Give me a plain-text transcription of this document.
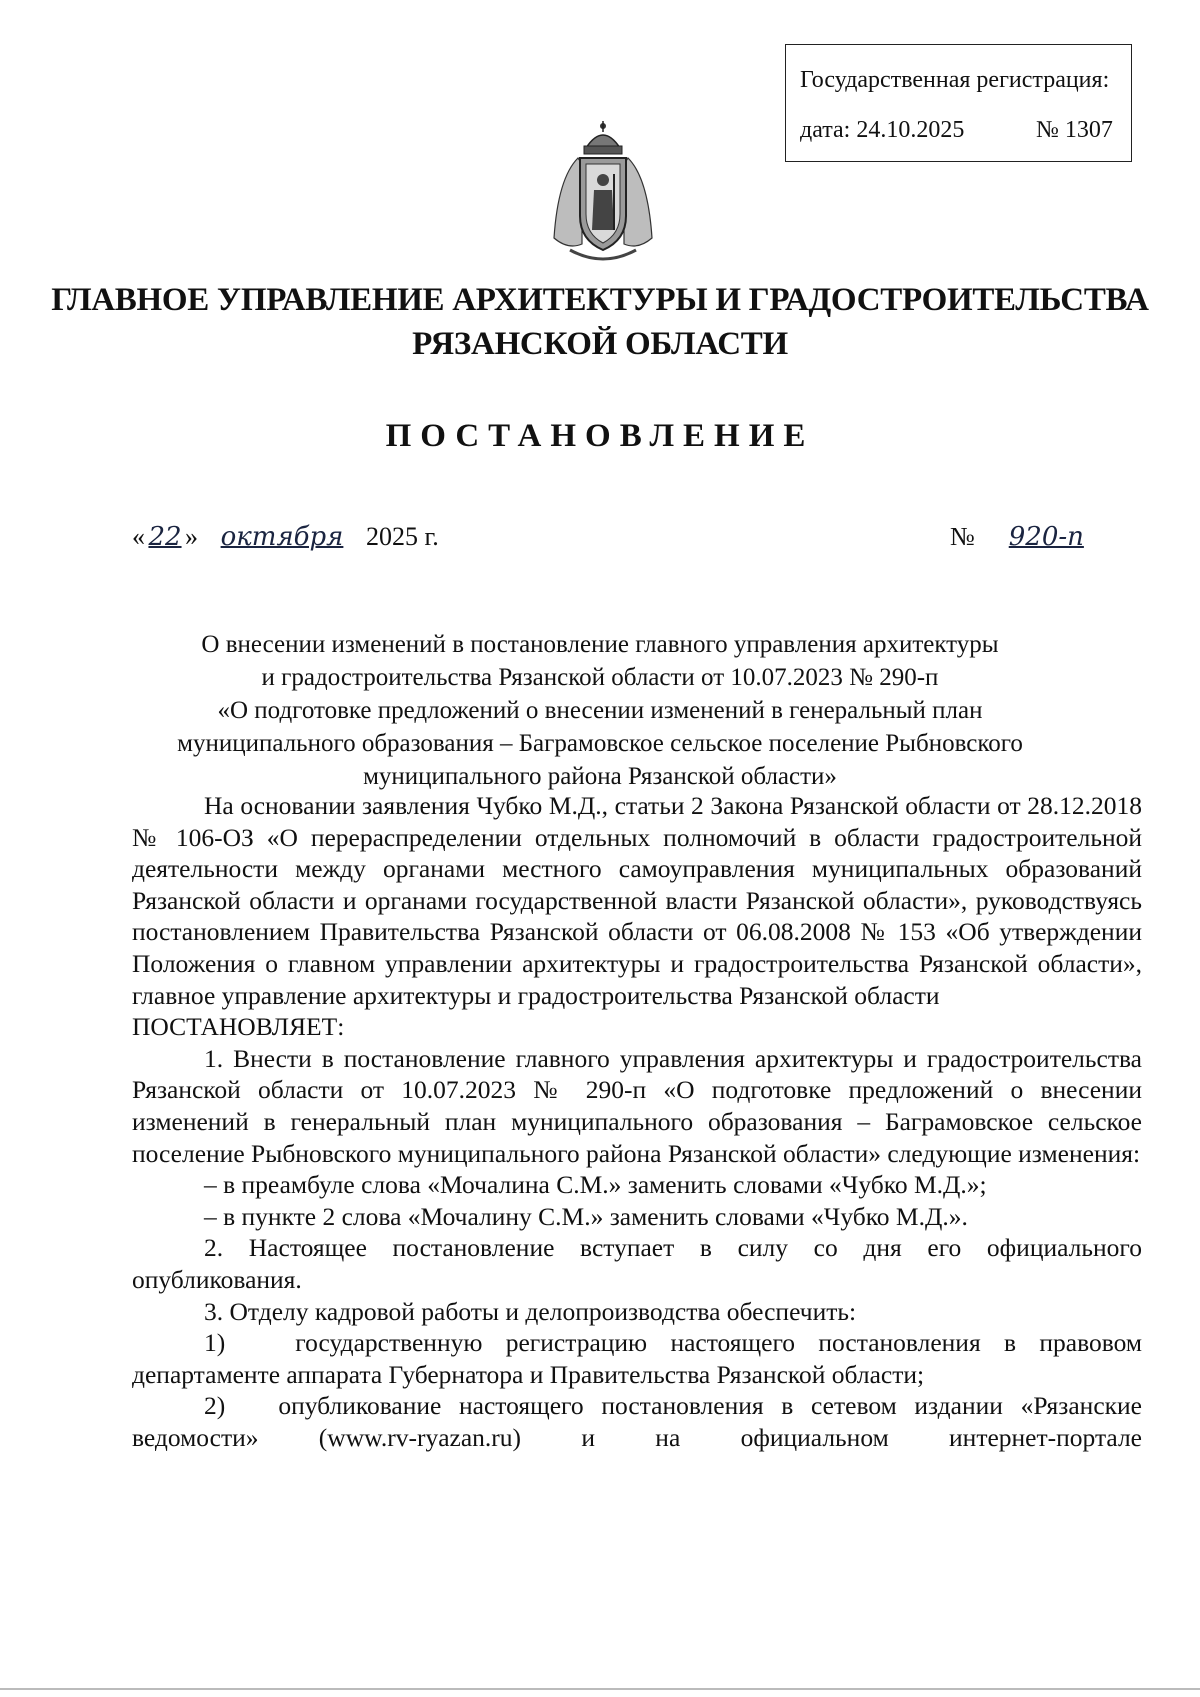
Государственная регистрация:
дата: 24.10.2025	№ 1307
ГЛАВНОЕ УПРАВЛЕНИЕ АРХИТЕКТУРЫ И ГРАДОСТРОИТЕЛЬСТВА
РЯЗАНСКОЙ ОБЛАСТИ
ПОСТАНОВЛЕНИЕ
« 22 » октября 2025 г.	№ 920-п
О внесении изменений в постановление главного управления архитектуры
и градостроительства Рязанской области от 10.07.2023 № 290-п
«О подготовке предложений о внесении изменений в генеральный план
муниципального образования – Баграмовское сельское поселение Рыбновского
муниципального района Рязанской области»

На основании заявления Чубко М.Д., статьи 2 Закона Рязанской области от 28.12.2018 № 106-ОЗ «О перераспределении отдельных полномочий в области градостроительной деятельности между органами местного самоуправления муниципальных образований Рязанской области и органами государственной власти Рязанской области», руководствуясь постановлением Правительства Рязанской области от 06.08.2008 № 153 «Об утверждении Положения о главном управлении архитектуры и градостроительства Рязанской области», главное управление архитектуры и градостроительства Рязанской области

ПОСТАНОВЛЯЕТ:

1. Внести в постановление главного управления архитектуры и градостроительства Рязанской области от 10.07.2023 № 290-п «О подготовке предложений о внесении изменений в генеральный план муниципального образования – Баграмовское сельское поселение Рыбновского муниципального района Рязанской области» следующие изменения:

– в преамбуле слова «Мочалина С.М.» заменить словами «Чубко М.Д.»;

– в пункте 2 слова «Мочалину С.М.» заменить словами «Чубко М.Д.».

2. Настоящее постановление вступает в силу со дня его официального опубликования.

3. Отделу кадровой работы и делопроизводства обеспечить:

1)   государственную регистрацию настоящего постановления в правовом департаменте аппарата Губернатора и Правительства Рязанской области;

2)   опубликование настоящего постановления в сетевом издании «Рязанские ведомости» (www.rv-ryazan.ru) и на официальном интернет-портале
